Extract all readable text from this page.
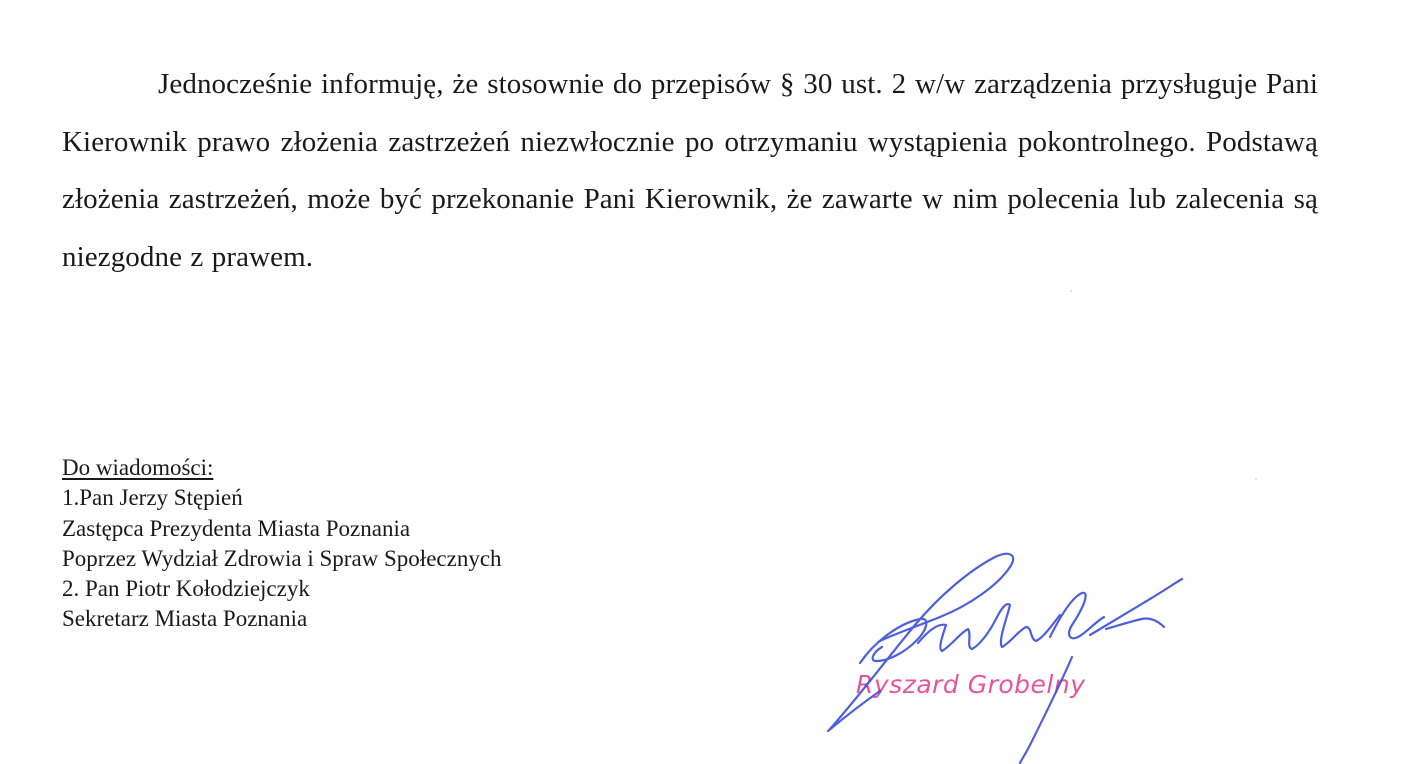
Jednocześnie informuję, że stosownie do przepisów § 30 ust. 2 w/w zarządzenia przysługuje Pani Kierownik prawo złożenia zastrzeżeń niezwłocznie po otrzymaniu wystąpienia pokontrolnego. Podstawą złożenia zastrzeżeń, może być przekonanie Pani Kierownik, że zawarte w nim polecenia lub zalecenia są niezgodne z prawem.

Do wiadomości:
1.Pan Jerzy Stępień
Zastępca Prezydenta Miasta Poznania
Poprzez Wydział Zdrowia i Spraw Społecznych
2. Pan Piotr Kołodziejczyk
Sekretarz Miasta Poznania
Ryszard Grobelny
